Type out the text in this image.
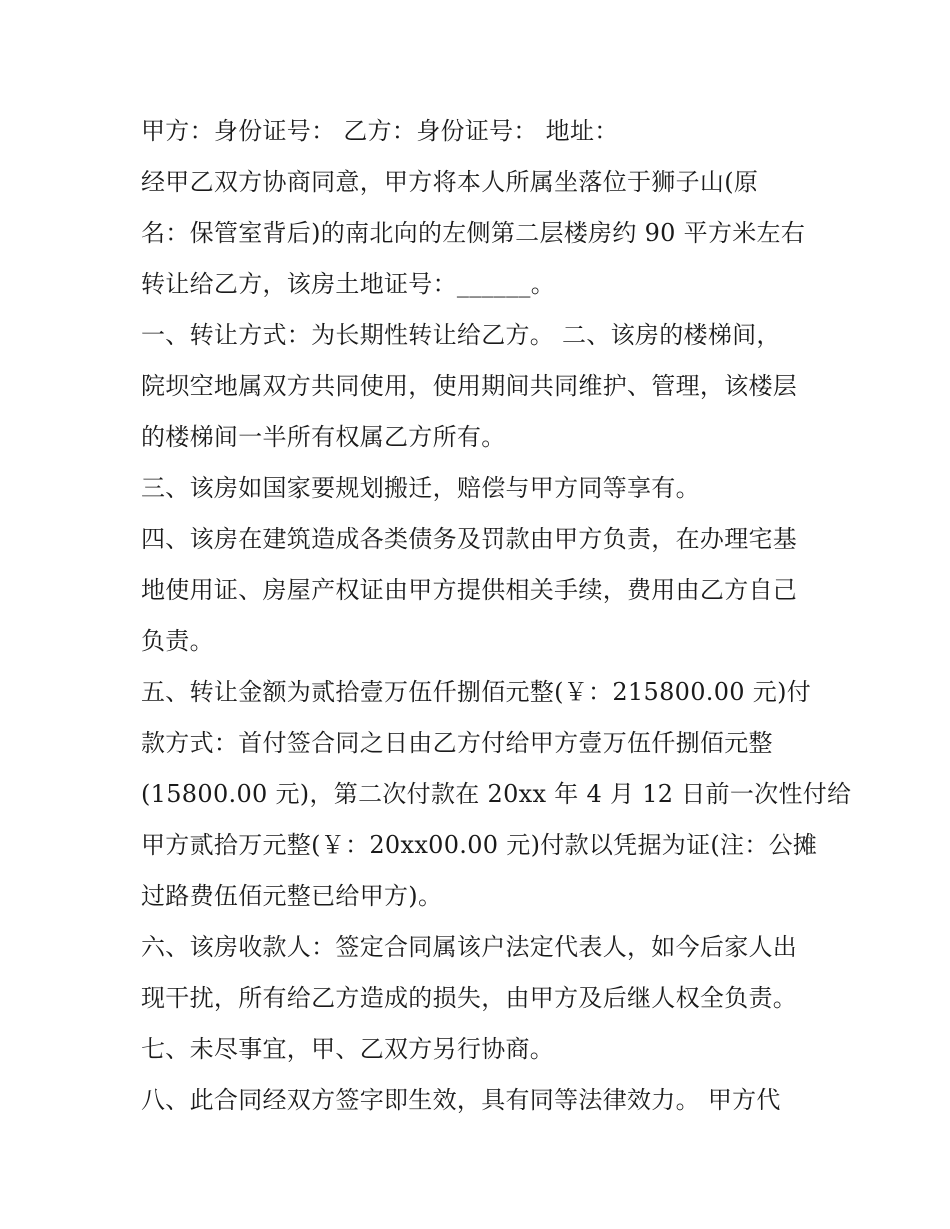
甲方：身份证号： 乙方：身份证号： 地址：
经甲乙双方协商同意，甲方将本人所属坐落位于狮子山(原
名：保管室背后)的南北向的左侧第二层楼房约 90 平方米左右
转让给乙方，该房土地证号：______。
一、转让方式：为长期性转让给乙方。 二、该房的楼梯间，
院坝空地属双方共同使用，使用期间共同维护、管理，该楼层
的楼梯间一半所有权属乙方所有。
三、该房如国家要规划搬迁，赔偿与甲方同等享有。
四、该房在建筑造成各类债务及罚款由甲方负责，在办理宅基
地使用证、房屋产权证由甲方提供相关手续，费用由乙方自己
负责。
五、转让金额为贰拾壹万伍仟捌佰元整(￥：215800.00 元)付
款方式：首付签合同之日由乙方付给甲方壹万伍仟捌佰元整
(15800.00 元)，第二次付款在 20xx 年 4 月 12 日前一次性付给
甲方贰拾万元整(￥：20xx00.00 元)付款以凭据为证(注：公摊
过路费伍佰元整已给甲方)。
六、该房收款人：签定合同属该户法定代表人，如今后家人出
现干扰，所有给乙方造成的损失，由甲方及后继人权全负责。
七、未尽事宜，甲、乙双方另行协商。
八、此合同经双方签字即生效，具有同等法律效力。 甲方代
